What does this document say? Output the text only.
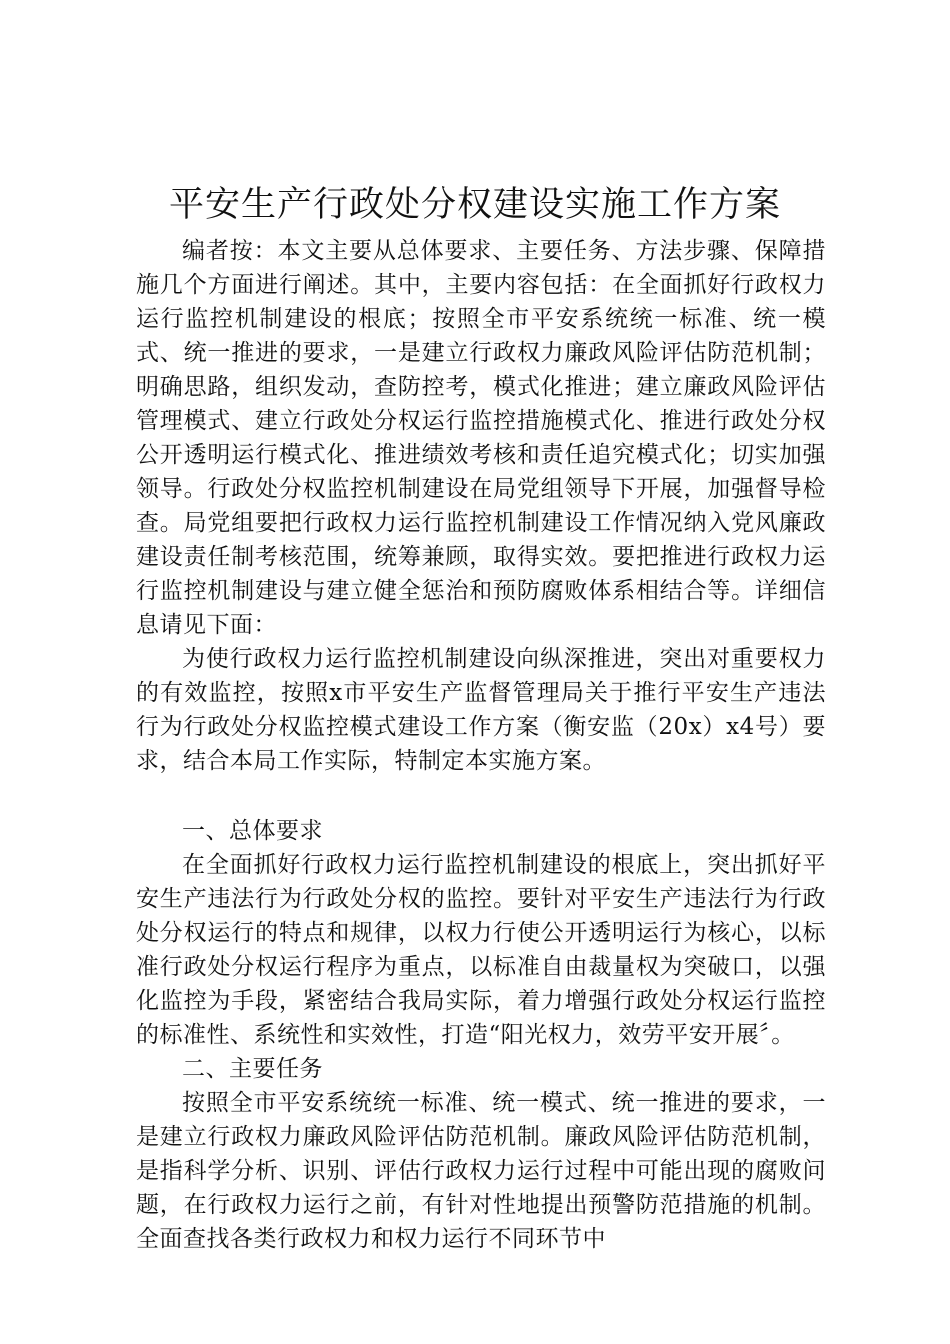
平安生产行政处分权建设实施工作方案

编者按：本文主要从总体要求、主要任务、方法步骤、保障措施几个方面进行阐述。其中，主要内容包括：在全面抓好行政权力运行监控机制建设的根底；按照全市平安系统统一标准、统一模式、统一推进的要求，一是建立行政权力廉政风险评估防范机制；明确思路，组织发动，查防控考，模式化推进；建立廉政风险评估管理模式、建立行政处分权运行监控措施模式化、推进行政处分权公开透明运行模式化、推进绩效考核和责任追究模式化；切实加强领导。行政处分权监控机制建设在局党组领导下开展，加强督导检查。局党组要把行政权力运行监控机制建设工作情况纳入党风廉政建设责任制考核范围，统筹兼顾，取得实效。要把推进行政权力运行监控机制建设与建立健全惩治和预防腐败体系相结合等。详细信息请见下面：

为使行政权力运行监控机制建设向纵深推进，突出对重要权力的有效监控，按照x市平安生产监督管理局关于推行平安生产违法行为行政处分权监控模式建设工作方案（衡安监（20x）x4号）要求，结合本局工作实际，特制定本实施方案。

一、总体要求

在全面抓好行政权力运行监控机制建设的根底上，突出抓好平安生产违法行为行政处分权的监控。要针对平安生产违法行为行政处分权运行的特点和规律，以权力行使公开透明运行为核心，以标准行政处分权运行程序为重点，以标准自由裁量权为突破口，以强化监控为手段，紧密结合我局实际，着力增强行政处分权运行监控的标准性、系统性和实效性，打造“阳光权力，效劳平安开展〞。

二、主要任务

按照全市平安系统统一标准、统一模式、统一推进的要求，一是建立行政权力廉政风险评估防范机制。廉政风险评估防范机制，是指科学分析、识别、评估行政权力运行过程中可能出现的腐败问题，在行政权力运行之前，有针对性地提出预警防范措施的机制。全面查找各类行政权力和权力运行不同环节中
